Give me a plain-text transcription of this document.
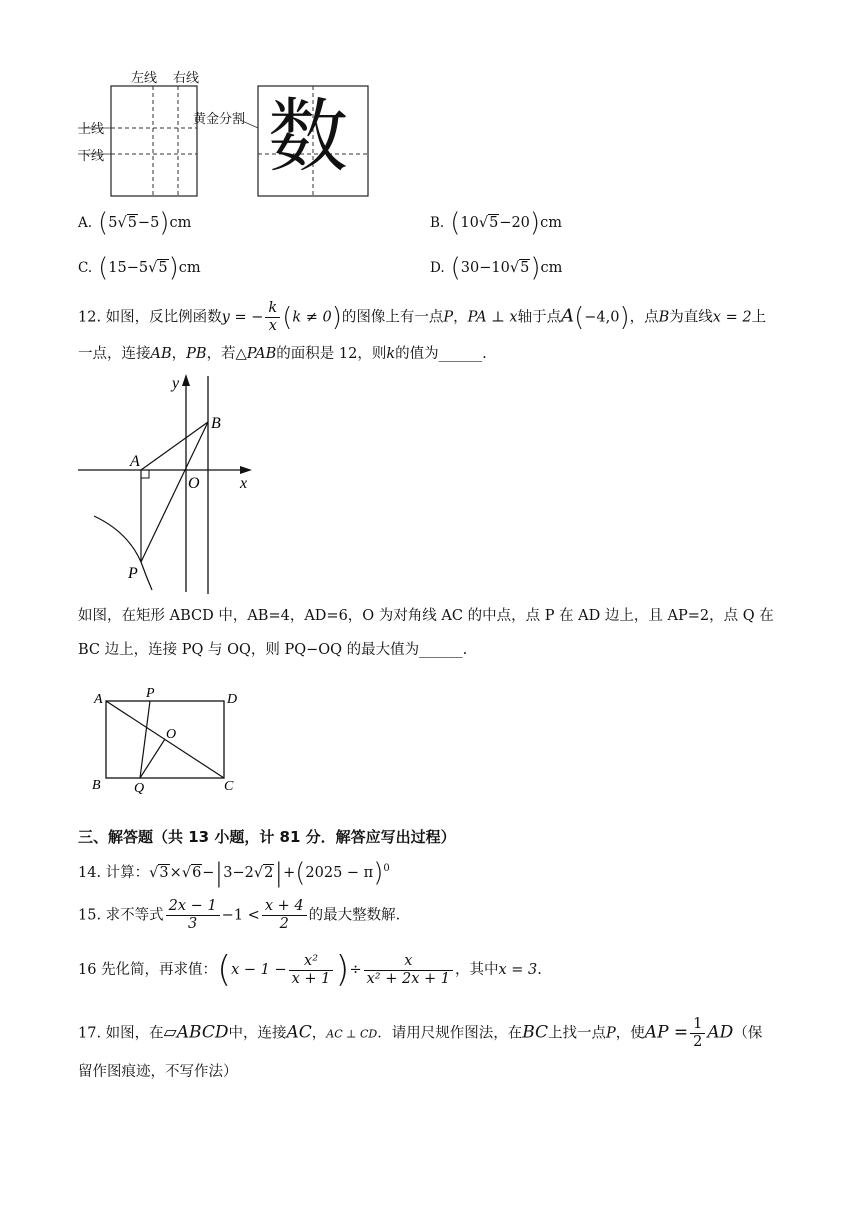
左线 右线
上线
下线
黄金分割 数
A. (5√5−5)cm	B. (10√5−20)cm
C. (15−5√5)cm	D. (30−10√5)cm
12. 如图，反比例函数y = − $\frac{k}{x} (k \ne 0)$的图像上有一点P，PA ⊥ x轴于点A(−4,0)，点B为直线x = 2上
一点，连接AB，PB，若△PAB的面积是 12，则k的值为______.
y
x
A
B
O
P
如图，在矩形 ABCD 中，AB=4，AD=6，O 为对角线 AC 的中点，点 P 在 AD 边上，且 AP=2，点 Q 在
BC 边上，连接 PQ 与 OQ，则 PQ−OQ 的最大值为______.
A	P	D
O
B Q	C
三、解答题（共 13 小题，计 81 分．解答应写出过程）
14. 计算：$√3\times√6-|3-2√2|+(2025 - \pi)^0$
15. 求不等式 $\frac{2x - 1}{3} -1 < \frac{x + 4}{2}$ 的最大整数解.
16 先化简，再求值：($x - 1 - \frac{\text{x²}}{x + 1}$ )÷ $\frac{x}{\text{x² + 2x + 1}}$ ，其中x = 3.
17. 如图，在▱ABCD中，连接AC，AC ⊥ CD．请用尺规作图法，在BC上找一点P，使AP = $\frac{1}{2} AD$（保
留作图痕迹，不写作法）
